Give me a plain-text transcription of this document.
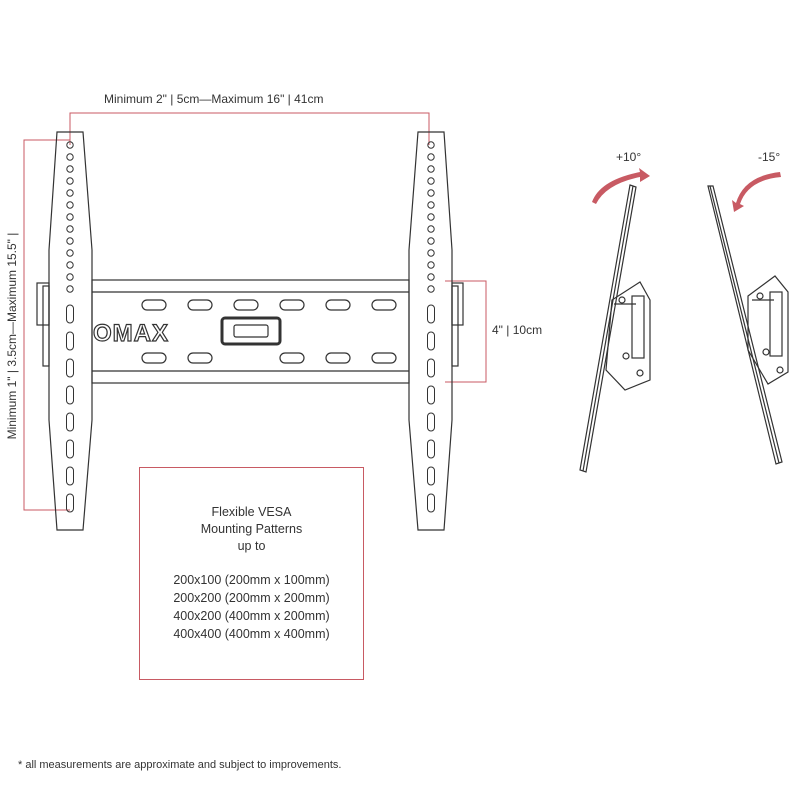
OMAX
Minimum 2" | 5cm—Maximum 16" | 41cm
Minimum 1" | 3.5cm—Maximum 15.5" |	4" | 10cm
+10°	-15°
Flexible VESA
Mounting Patterns
up to
200x100 (200mm x 100mm)
200x200 (200mm x 200mm)
400x200 (400mm x 200mm)
400x400 (400mm x 400mm)
* all measurements are approximate and subject to improvements.
